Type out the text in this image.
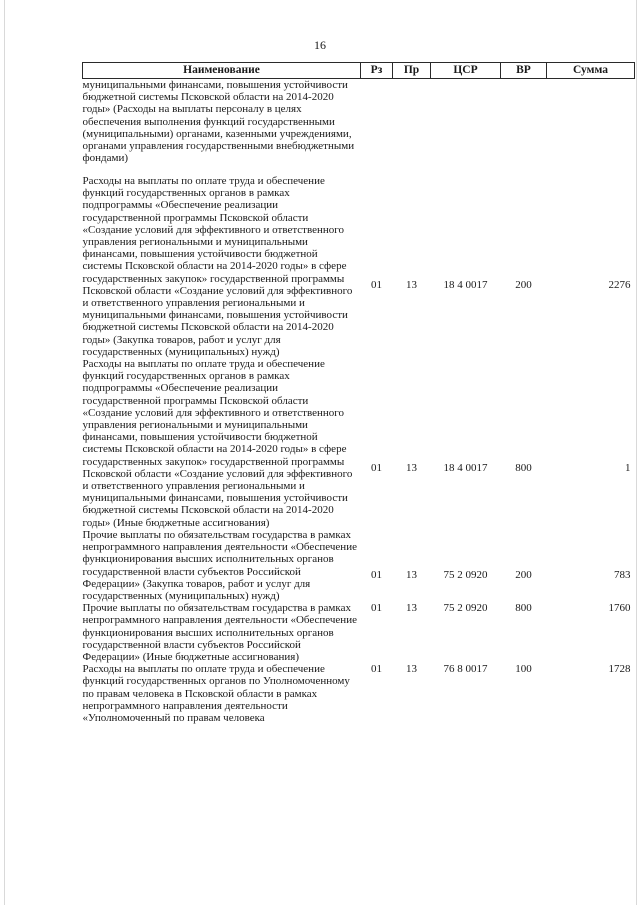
16
Наименование	Рз	Пр	ЦСР	ВР	Сумма
муниципальными финансами, повышения устойчивости бюджетной системы Псковской области на 2014-2020 годы» (Расходы на выплаты персоналу в целях обеспечения выполнения функций государственными (муниципальными) органами, казенными учреждениями, органами управления государственными внебюджетными фондами)					
Расходы на выплаты по оплате труда и обеспечение функций государственных органов в рамках подпрограммы «Обеспечение реализации государственной программы Псковской области «Создание условий для эффективного и ответственного управления региональными и муниципальными финансами, повышения устойчивости бюджетной системы Псковской области на 2014-2020 годы» в сфере государственных закупок» государственной программы Псковской области «Создание условий для эффективного и ответственного управления региональными и муниципальными финансами, повышения устойчивости бюджетной системы Псковской области на 2014-2020 годы» (Закупка товаров, работ и услуг для государственных (муниципальных) нужд)	01	13	18 4 0017	200	2276
Расходы на выплаты по оплате труда и обеспечение функций государственных органов в рамках подпрограммы «Обеспечение реализации государственной программы Псковской области «Создание условий для эффективного и ответственного управления региональными и муниципальными финансами, повышения устойчивости бюджетной системы Псковской области на 2014-2020 годы» в сфере государственных закупок» государственной программы Псковской области «Создание условий для эффективного и ответственного управления региональными и муниципальными финансами, повышения устойчивости бюджетной системы Псковской области на 2014-2020 годы» (Иные бюджетные ассигнования)	01	13	18 4 0017	800	1
Прочие выплаты по обязательствам государства в рамках непрограммного направления деятельности «Обеспечение функционирования высших исполнительных органов государственной власти субъектов Российской Федерации» (Закупка товаров, работ и услуг для государственных (муниципальных) нужд)	01	13	75 2 0920	200	783
Прочие выплаты по обязательствам государства в рамках непрограммного направления деятельности «Обеспечение функционирования высших исполнительных органов государственной власти субъектов Российской Федерации» (Иные бюджетные ассигнования)	01	13	75 2 0920	800	1760
Расходы на выплаты по оплате труда и обеспечение функций государственных органов по Уполномоченному по правам человека в Псковской области в рамках непрограммного направления деятельности «Уполномоченный по правам человека	01	13	76 8 0017	100	1728
